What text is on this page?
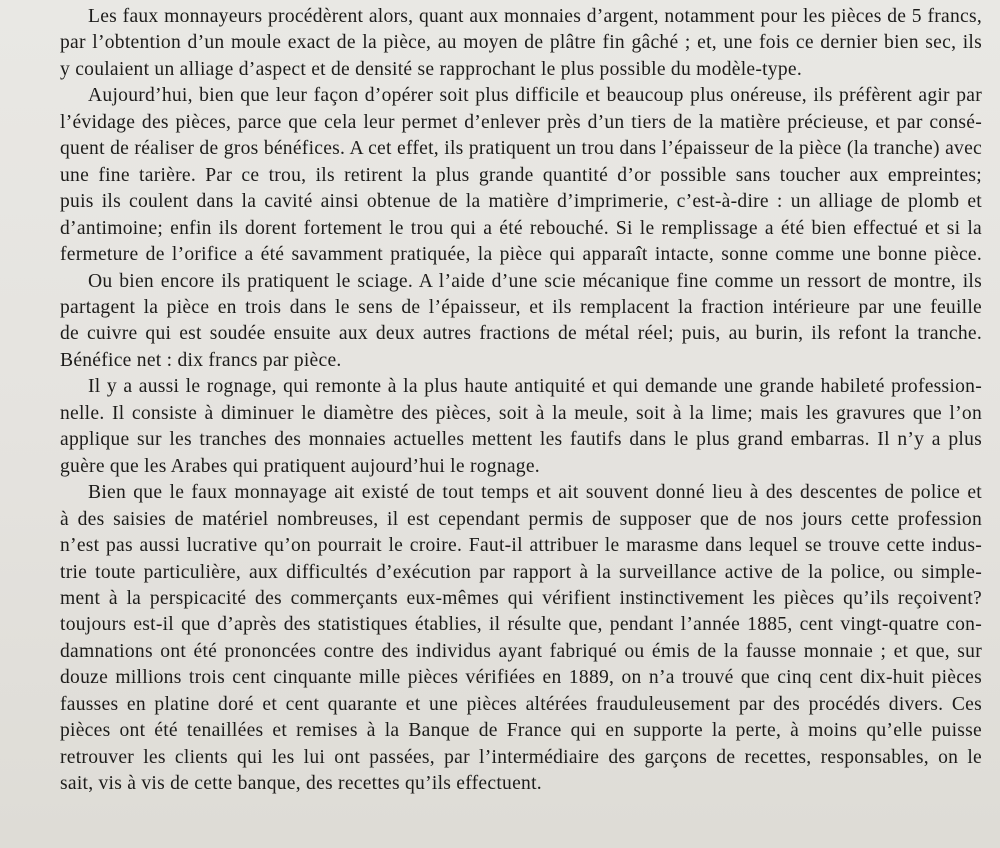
Les faux monnayeurs procédèrent alors, quant aux monnaies d’argent, notamment pour les pièces de 5 francs,
par l’obtention d’un moule exact de la pièce, au moyen de plâtre fin gâché ; et, une fois ce dernier bien sec, ils
y coulaient un alliage d’aspect et de densité se rapprochant le plus possible du modèle-type.
Aujourd’hui, bien que leur façon d’opérer soit plus difficile et beaucoup plus onéreuse, ils préfèrent agir par
l’évidage des pièces, parce que cela leur permet d’enlever près d’un tiers de la matière précieuse, et par consé-
quent de réaliser de gros bénéfices. A cet effet, ils pratiquent un trou dans l’épaisseur de la pièce (la tranche) avec
une fine tarière. Par ce trou, ils retirent la plus grande quantité d’or possible sans toucher aux empreintes;
puis ils coulent dans la cavité ainsi obtenue de la matière d’imprimerie, c’est-à-dire : un alliage de plomb et
d’antimoine; enfin ils dorent fortement le trou qui a été rebouché. Si le remplissage a été bien effectué et si la
fermeture de l’orifice a été savamment pratiquée, la pièce qui apparaît intacte, sonne comme une bonne pièce.
Ou bien encore ils pratiquent le sciage. A l’aide d’une scie mécanique fine comme un ressort de montre, ils
partagent la pièce en trois dans le sens de l’épaisseur, et ils remplacent la fraction intérieure par une feuille
de cuivre qui est soudée ensuite aux deux autres fractions de métal réel; puis, au burin, ils refont la tranche.
Bénéfice net : dix francs par pièce.
Il y a aussi le rognage, qui remonte à la plus haute antiquité et qui demande une grande habileté profession-
nelle. Il consiste à diminuer le diamètre des pièces, soit à la meule, soit à la lime; mais les gravures que l’on
applique sur les tranches des monnaies actuelles mettent les fautifs dans le plus grand embarras. Il n’y a plus
guère que les Arabes qui pratiquent aujourd’hui le rognage.
Bien que le faux monnayage ait existé de tout temps et ait souvent donné lieu à des descentes de police et
à des saisies de matériel nombreuses, il est cependant permis de supposer que de nos jours cette profession
n’est pas aussi lucrative qu’on pourrait le croire. Faut-il attribuer le marasme dans lequel se trouve cette indus-
trie toute particulière, aux difficultés d’exécution par rapport à la surveillance active de la police, ou simple-
ment à la perspicacité des commerçants eux-mêmes qui vérifient instinctivement les pièces qu’ils reçoivent?
toujours est-il que d’après des statistiques établies, il résulte que, pendant l’année 1885, cent vingt-quatre con-
damnations ont été prononcées contre des individus ayant fabriqué ou émis de la fausse monnaie ; et que, sur
douze millions trois cent cinquante mille pièces vérifiées en 1889, on n’a trouvé que cinq cent dix-huit pièces
fausses en platine doré et cent quarante et une pièces altérées frauduleusement par des procédés divers. Ces
pièces ont été tenaillées et remises à la Banque de France qui en supporte la perte, à moins qu’elle puisse
retrouver les clients qui les lui ont passées, par l’intermédiaire des garçons de recettes, responsables, on le
sait, vis à vis de cette banque, des recettes qu’ils effectuent.
